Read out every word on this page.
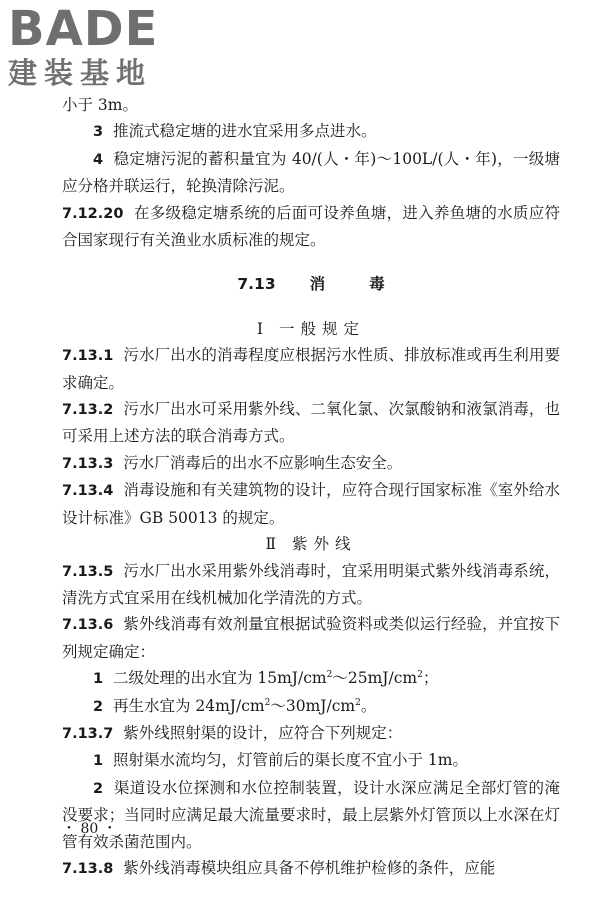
BADE
建装基地

小于 3m。

3 推流式稳定塘的进水宜采用多点进水。

4 稳定塘污泥的蓄积量宜为 40/(人・年)～100L/(人・年)，一级塘应分格并联运行，轮换清除污泥。

7.12.20 在多级稳定塘系统的后面可设养鱼塘，进入养鱼塘的水质应符合国家现行有关渔业水质标准的规定。

7.13 消	毒
Ⅰ 一般规定

7.13.1 污水厂出水的消毒程度应根据污水性质、排放标准或再生利用要求确定。

7.13.2 污水厂出水可采用紫外线、二氧化氯、次氯酸钠和液氯消毒，也可采用上述方法的联合消毒方式。

7.13.3 污水厂消毒后的出水不应影响生态安全。

7.13.4 消毒设施和有关建筑物的设计，应符合现行国家标准《室外给水设计标准》GB 50013 的规定。

Ⅱ 紫外线

7.13.5 污水厂出水采用紫外线消毒时，宜采用明渠式紫外线消毒系统，清洗方式宜采用在线机械加化学清洗的方式。

7.13.6 紫外线消毒有效剂量宜根据试验资料或类似运行经验，并宜按下列规定确定：

1 二级处理的出水宜为 $15mJ/cm^2\sim 25mJ/cm^2$；

2 再生水宜为 $24mJ/cm^2\sim 30mJ/cm^2$。

7.13.7 紫外线照射渠的设计，应符合下列规定：

1 照射渠水流均匀，灯管前后的渠长度不宜小于 1m。

2 渠道设水位探测和水位控制装置，设计水深应满足全部灯管的淹没要求；当同时应满足最大流量要求时，最上层紫外灯管顶以上水深在灯管有效杀菌范围内。

7.13.8 紫外线消毒模块组应具备不停机维护检修的条件，应能

・ 80 ・
